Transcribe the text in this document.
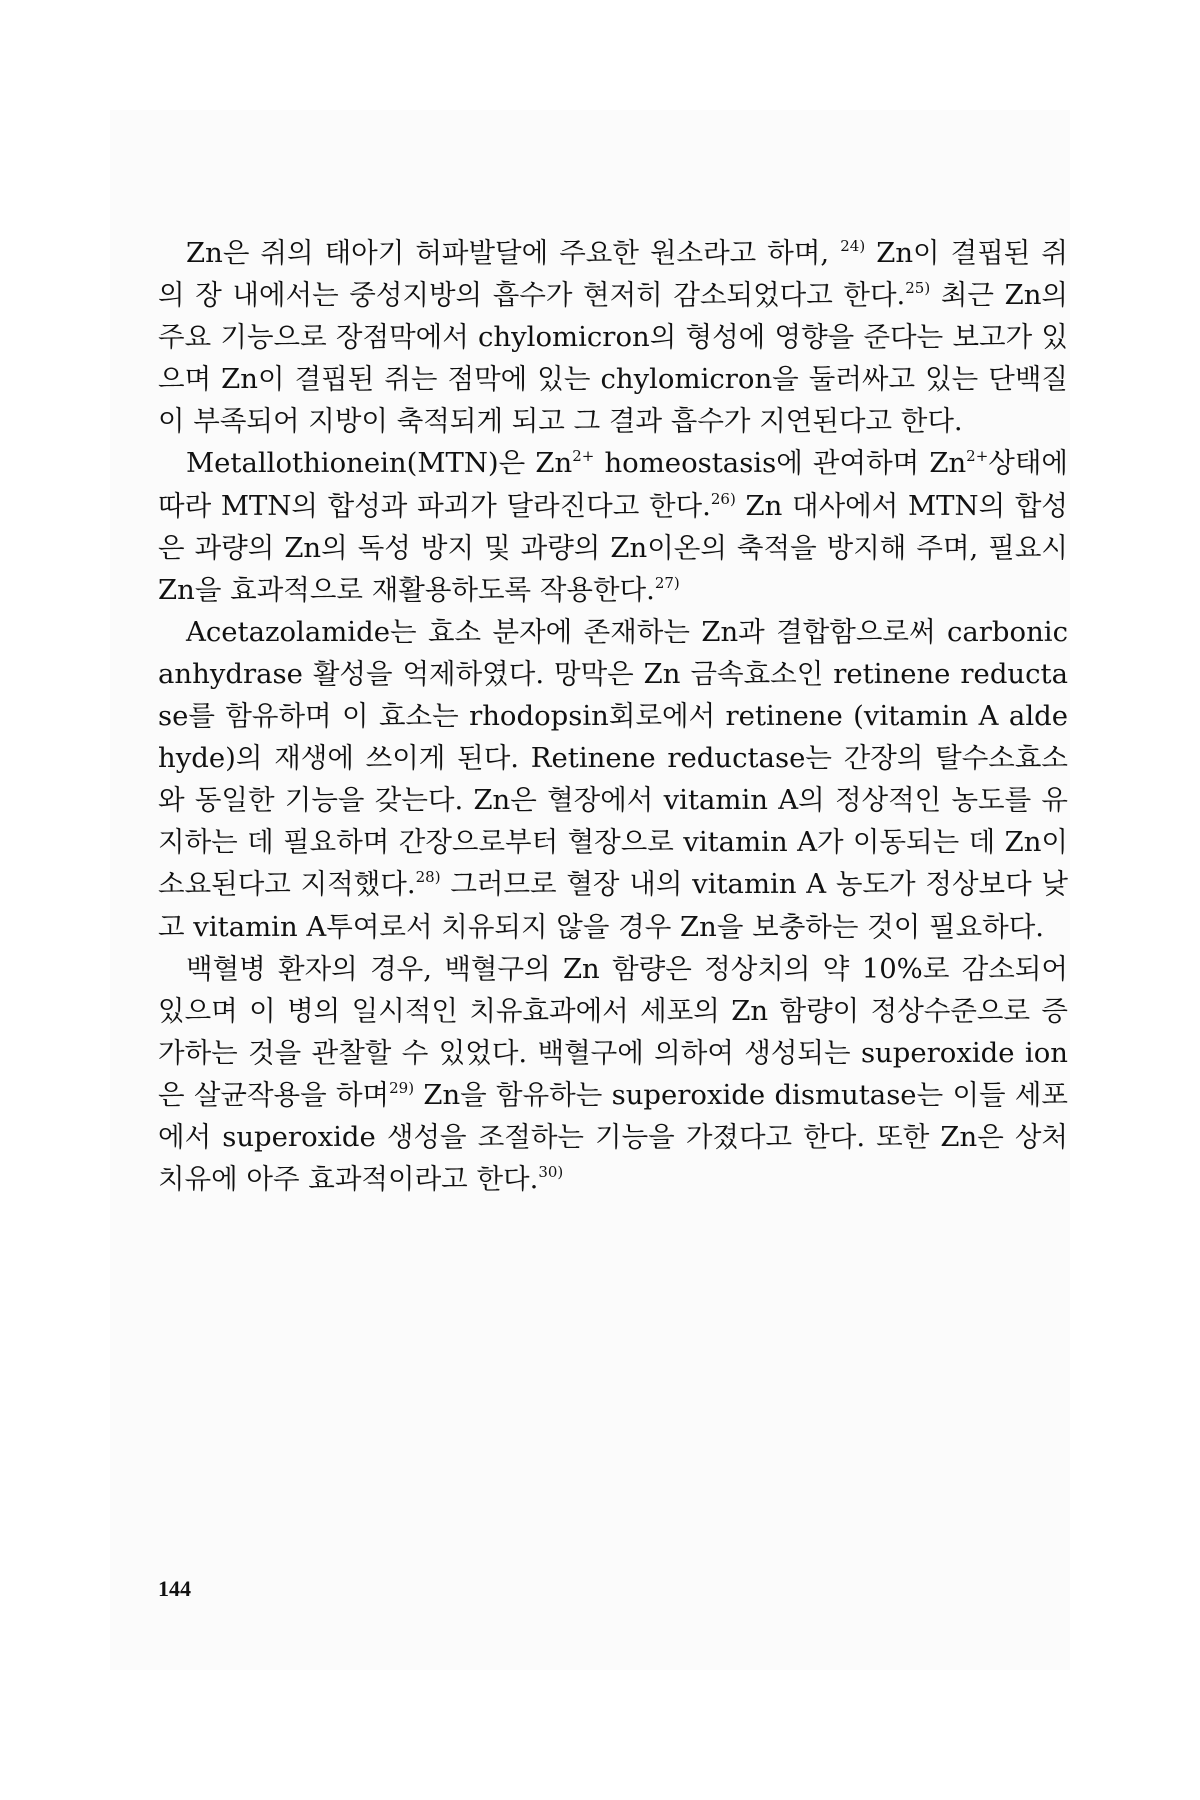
Zn은 쥐의 태아기 허파발달에 주요한 원소라고 하며, $^{24)}$ Zn이 결핍된 쥐의 장 내에서는 중성지방의 흡수가 현저히 감소되었다고 한다.$^{25)}$ 최근 Zn의 주요 기능으로 장점막에서 chylomicron의 형성에 영향을 준다는 보고가 있으며 Zn이 결핍된 쥐는 점막에 있는 chylomicron을 둘러싸고 있는 단백질이 부족되어 지방이 축적되게 되고 그 결과 흡수가 지연된다고 한다.

Metallothionein(MTN)은 $Zn^{2+}$ homeostasis에 관여하며 $Zn^{2+}$상태에 따라 MTN의 합성과 파괴가 달라진다고 한다.$^{26)}$ Zn 대사에서 MTN의 합성은 과량의 Zn의 독성 방지 및 과량의 Zn이온의 축적을 방지해 주며, 필요시 Zn을 효과적으로 재활용하도록 작용한다.$^{27)}$

Acetazolamide는 효소 분자에 존재하는 Zn과 결합함으로써 carbonic anhydrase 활성을 억제하였다. 망막은 Zn 금속효소인 retinene reductase를 함유하며 이 효소는 rhodopsin회로에서 retinene (vitamin A aldehyde)의 재생에 쓰이게 된다. Retinene reductase는 간장의 탈수소효소와 동일한 기능을 갖는다. Zn은 혈장에서 vitamin A의 정상적인 농도를 유지하는 데 필요하며 간장으로부터 혈장으로 vitamin A가 이동되는 데 Zn이 소요된다고 지적했다.$^{28)}$ 그러므로 혈장 내의 vitamin A 농도가 정상보다 낮고 vitamin A투여로서 치유되지 않을 경우 Zn을 보충하는 것이 필요하다.

백혈병 환자의 경우, 백혈구의 Zn 함량은 정상치의 약 10%로 감소되어 있으며 이 병의 일시적인 치유효과에서 세포의 Zn 함량이 정상수준으로 증가하는 것을 관찰할 수 있었다. 백혈구에 의하여 생성되는 superoxide ion은 살균작용을 하며$^{29)}$ Zn을 함유하는 superoxide dismutase는 이들 세포에서 superoxide 생성을 조절하는 기능을 가졌다고 한다. 또한 Zn은 상처 치유에 아주 효과적이라고 한다.$^{30)}$

144
